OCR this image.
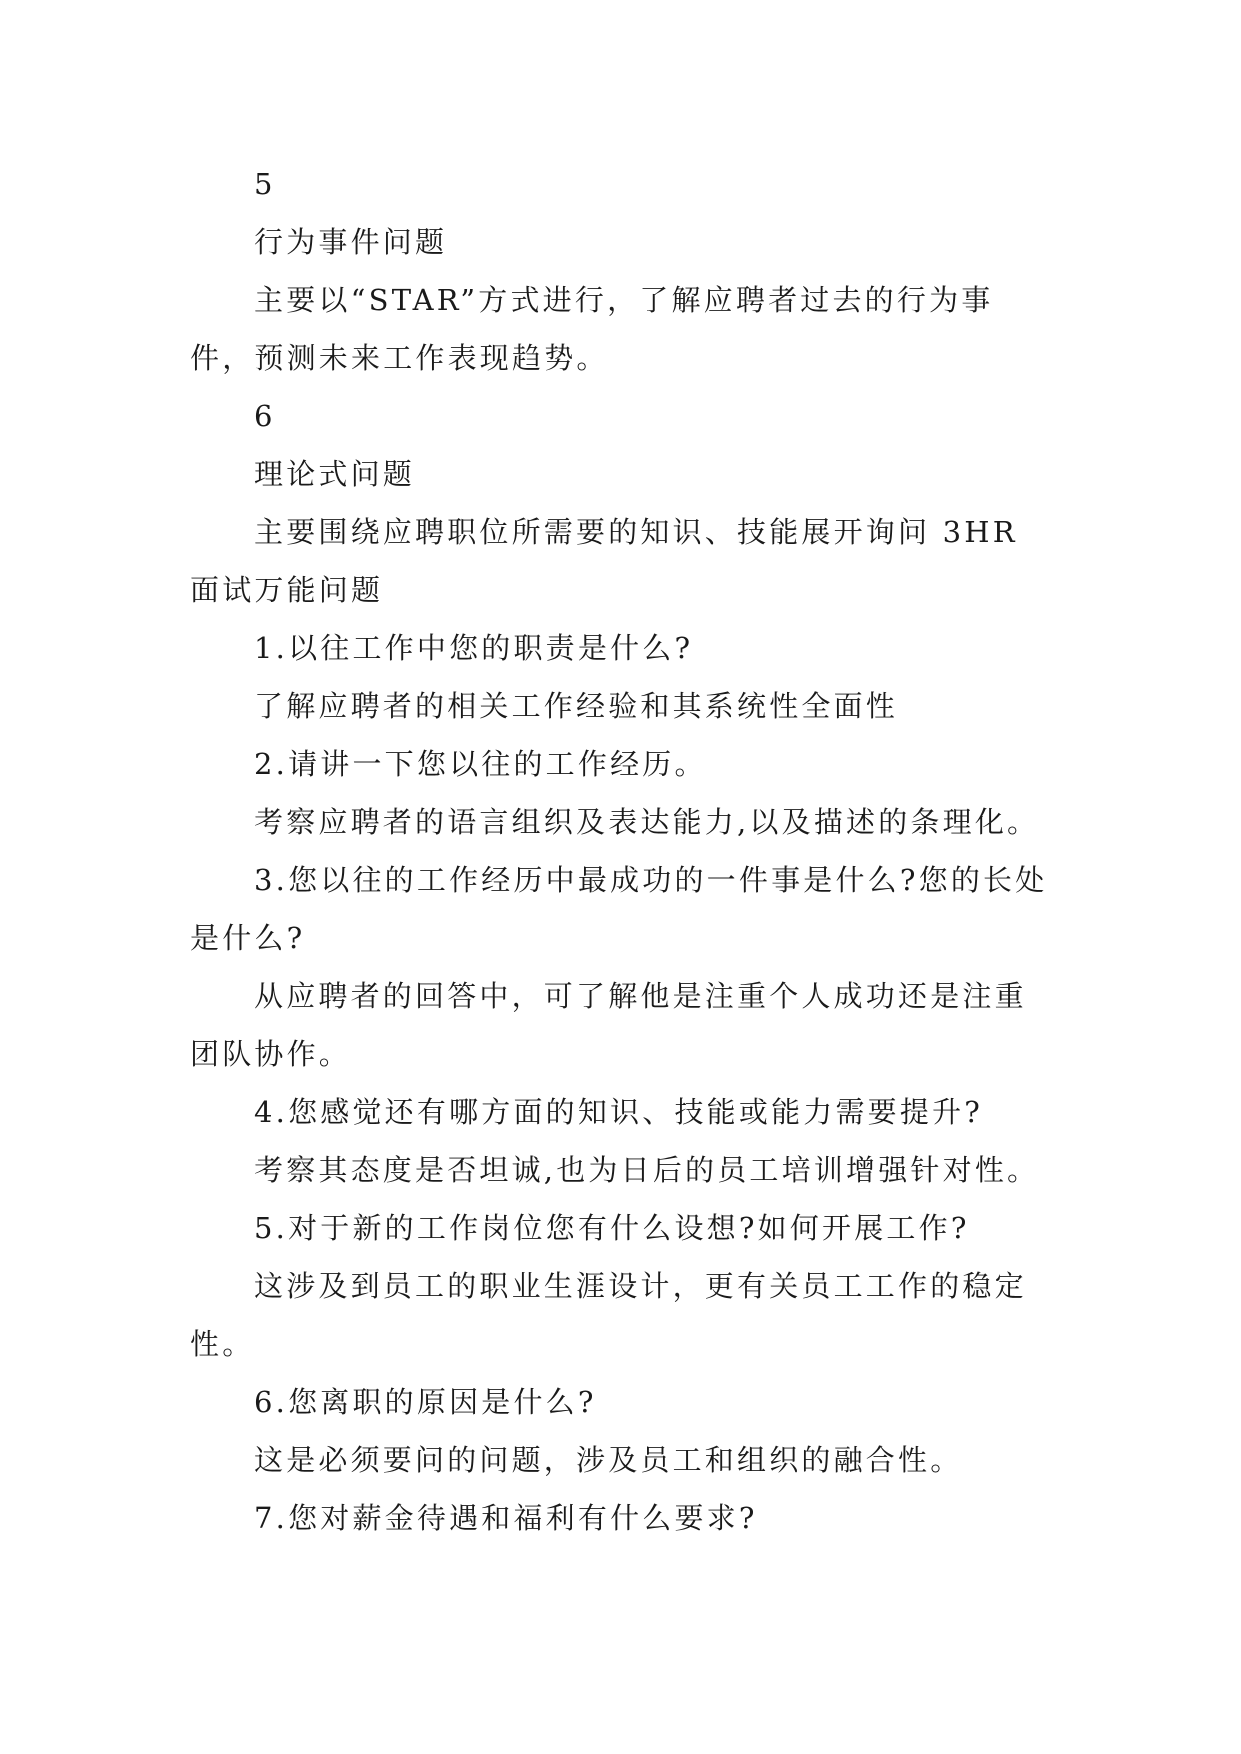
5

行为事件问题

主要以“STAR”方式进行，了解应聘者过去的行为事件，预测未来工作表现趋势。

6

理论式问题

主要围绕应聘职位所需要的知识、技能展开询问 3HR 面试万能问题

1.以往工作中您的职责是什么?

了解应聘者的相关工作经验和其系统性全面性

2.请讲一下您以往的工作经历。

考察应聘者的语言组织及表达能力,以及描述的条理化。

3.您以往的工作经历中最成功的一件事是什么?您的长处是什么?

从应聘者的回答中，可了解他是注重个人成功还是注重团队协作。

4.您感觉还有哪方面的知识、技能或能力需要提升?

考察其态度是否坦诚,也为日后的员工培训增强针对性。

5.对于新的工作岗位您有什么设想?如何开展工作?

这涉及到员工的职业生涯设计，更有关员工工作的稳定性。

6.您离职的原因是什么?

这是必须要问的问题，涉及员工和组织的融合性。

7.您对薪金待遇和福利有什么要求?
